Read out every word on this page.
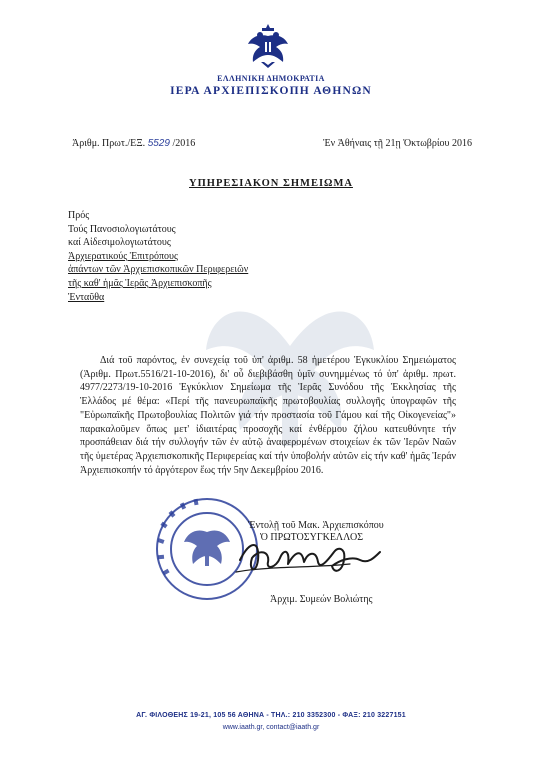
ΕΛΛΗΝΙΚΗ ΔΗΜΟΚΡΑΤΙΑ
ΙΕΡΑ ΑΡΧΙΕΠΙΣΚΟΠΗ ΑΘΗΝΩΝ
Ἀριθμ. Πρωτ./ΕΞ. 5529 /2016	Ἐν Ἀθήναις τῇ 21ῃ Ὀκτωβρίου 2016
ΥΠΗΡΕΣΙΑΚΟΝ ΣΗΜΕΙΩΜΑ
Πρός
Τούς Πανοσιολογιωτάτους
καί Αἰδεσιμολογιωτάτους
Ἀρχιερατικούς Ἐπιτρόπους
ἁπάντων τῶν Ἀρχιεπισκοπικῶν Περιφερειῶν
τῆς καθ' ἡμᾶς Ἱερᾶς Ἀρχιεπισκοπῆς
Ἐνταῦθα

Διά τοῦ παρόντος, ἐν συνεχείᾳ τοῦ ὑπ' ἀριθμ. 58 ἡμετέρου Ἐγκυκλίου Σημειώματος (Ἀριθμ. Πρωτ.5516/21-10-2016), δι' οὗ διεβιβάσθη ὑμῖν συνημμένως τό ὑπ' ἀριθμ. πρωτ. 4977/2273/19-10-2016 Ἐγκύκλιον Σημείωμα τῆς Ἱερᾶς Συνόδου τῆς Ἐκκλησίας τῆς Ἑλλάδος μέ θέμα: «Περί τῆς πανευρωπαϊκῆς πρωτοβουλίας συλλογῆς ὑπογραφῶν τῆς "Εὐρωπαϊκῆς Πρωτοβουλίας Πολιτῶν γιά τήν προστασία τοῦ Γάμου καί τῆς Οἰκογενείας"» παρακαλοῦμεν ὅπως μετ' ἰδιαιτέρας προσοχῆς καί ἐνθέρμου ζήλου κατευθύνητε τήν προσπάθειαν διά τήν συλλογήν τῶν ἐν αὐτῷ ἀναφερομένων στοιχείων ἐκ τῶν Ἱερῶν Ναῶν τῆς ὑμετέρας Ἀρχιεπισκοπικῆς Περιφερείας καί τήν ὑποβολήν αὐτῶν εἰς τήν καθ' ἡμᾶς Ἱεράν Ἀρχιεπισκοπήν τό ἀργότερον ἕως τήν 5ην Δεκεμβρίου 2016.

Ἐντολῇ τοῦ Μακ. Ἀρχιεπισκόπου
Ὁ ΠΡΩΤΟΣΥΓΚΕΛΛΟΣ
Ἀρχιμ. Συμεών Βολιώτης
ΑΓ. ΦΙΛΟΘΕΗΣ 19-21, 105 56 ΑΘΗΝΑ - ΤΗΛ.: 210 3352300 - ΦΑΞ: 210 3227151
www.iaath.gr, contact@iaath.gr
